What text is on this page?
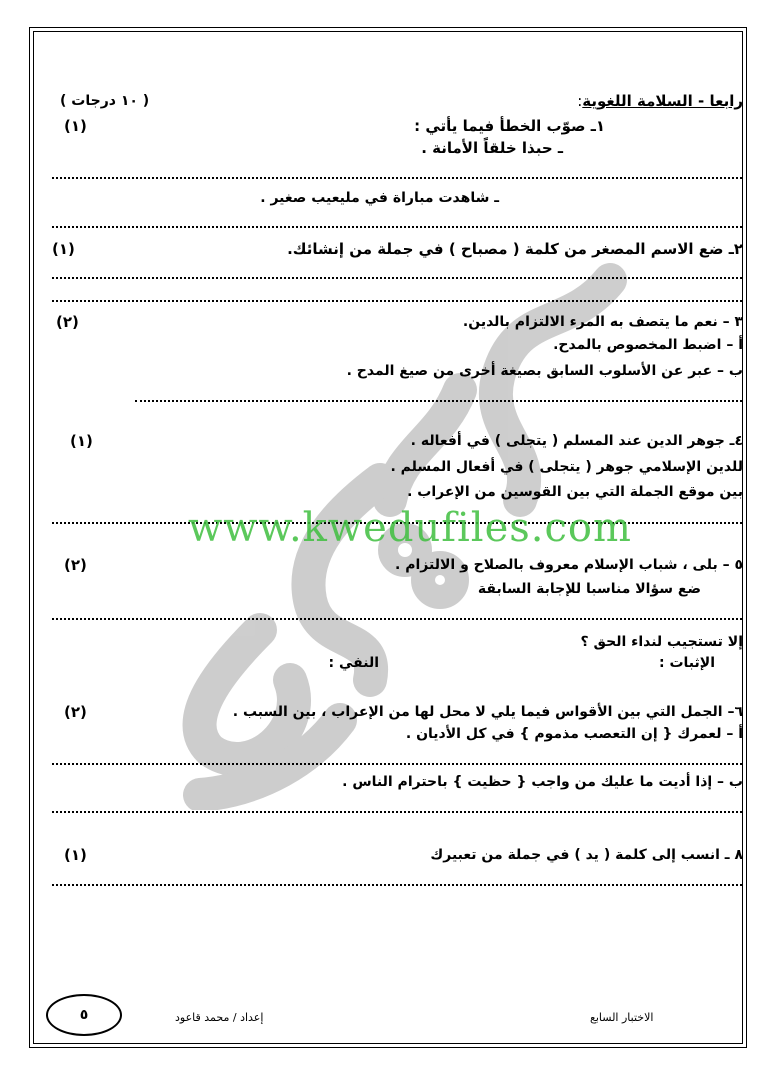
رابعا - السلامة اللغوية:
( ١٠ درجات )
١ـ صوّب الخطأ فيما يأتي :
(١)
ـ حبذا خلقاً الأمانة .
ـ شاهدت مباراة في مليعيب صغير .
٢ـ ضع الاسم المصغر من كلمة ( مصباح ) في جملة من إنشائك.
(١)
٣ – نعم ما يتصف به المرء الالتزام بالدين.
(٢)
أ – اضبط المخصوص بالمدح.
ب – عبر عن الأسلوب السابق بصيغة أخرى من صيغ المدح .
٤ـ جوهر الدين عند المسلم ( يتجلى ) في أفعاله .
(١)
للدين الإسلامي جوهر ( يتجلى ) في أفعال المسلم .
بين موقع الجملة التي بين القوسين من الإعراب .
www.kwedufiles.com
٥ – بلى ، شباب الإسلام معروف بالصلاح و الالتزام .
(٢)
ضع سؤالا مناسبا للإجابة السابقة
إلا تستجيب لنداء الحق ؟
الإثبات :
النفي :
٦– الجمل التي بين الأقواس فيما يلي لا محل لها من الإعراب ، بين السبب .
(٢)
أ – لعمرك { إن التعصب مذموم } في كل الأديان .
ب – إذا أديت ما عليك من واجب { حظيت } باحترام الناس .
٨ ـ انسب إلى كلمة ( يد ) في جملة من تعبيرك
(١)
٥	إعداد / محمد قاعود	الاختبار السابع
